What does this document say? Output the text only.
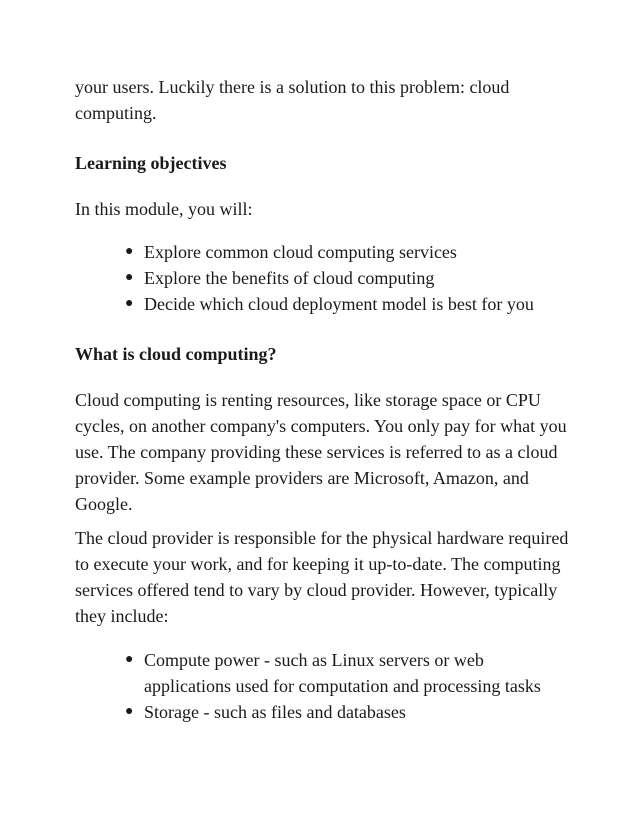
your users. Luckily there is a solution to this problem: cloud computing.

Learning objectives

In this module, you will:

● Explore common cloud computing services
● Explore the benefits of cloud computing
● Decide which cloud deployment model is best for you
What is cloud computing?

Cloud computing is renting resources, like storage space or CPU cycles, on another company's computers. You only pay for what you use. The company providing these services is referred to as a cloud provider. Some example providers are Microsoft, Amazon, and Google.

The cloud provider is responsible for the physical hardware required to execute your work, and for keeping it up-to-date. The computing services offered tend to vary by cloud provider. However, typically they include:

● Compute power - such as Linux servers or web applications used for computation and processing tasks
● Storage - such as files and databases
